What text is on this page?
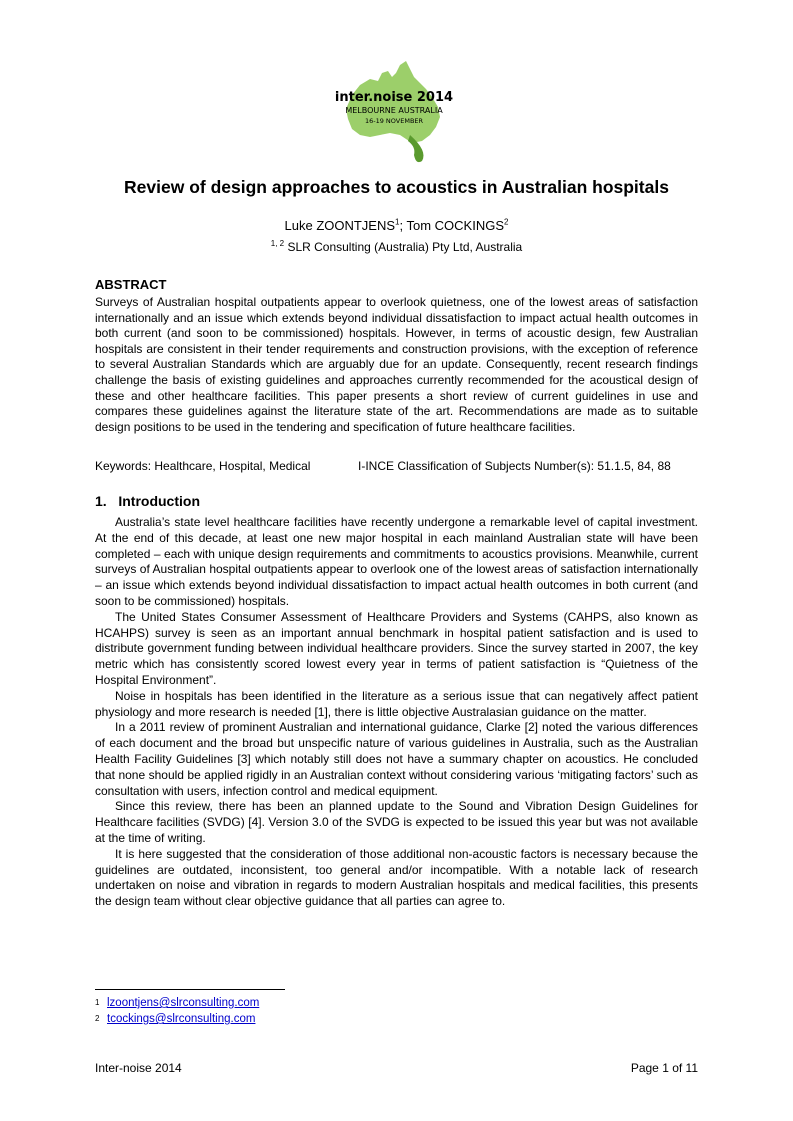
inter.noise 2014
MELBOURNE AUSTRALIA
16-19 NOVEMBER
Review of design approaches to acoustics in Australian hospitals
Luke ZOONTJENS$^1$; Tom COCKINGS$^2$
$^{1, 2}$ SLR Consulting (Australia) Pty Ltd, Australia
ABSTRACT

Surveys of Australian hospital outpatients appear to overlook quietness, one of the lowest areas of satisfaction internationally and an issue which extends beyond individual dissatisfaction to impact actual health outcomes in both current (and soon to be commissioned) hospitals. However, in terms of acoustic design, few Australian hospitals are consistent in their tender requirements and construction provisions, with the exception of reference to several Australian Standards which are arguably due for an update. Consequently, recent research findings challenge the basis of existing guidelines and approaches currently recommended for the acoustical design of these and other healthcare facilities. This paper presents a short review of current guidelines in use and compares these guidelines against the literature state of the art. Recommendations are made as to suitable design positions to be used in the tendering and specification of future healthcare facilities.

Keywords: Healthcare, Hospital, Medical	I-INCE Classification of Subjects Number(s): 51.1.5, 84, 88
1.   Introduction

Australia’s state level healthcare facilities have recently undergone a remarkable level of capital investment. At the end of this decade, at least one new major hospital in each mainland Australian state will have been completed – each with unique design requirements and commitments to acoustics provisions. Meanwhile, current surveys of Australian hospital outpatients appear to overlook one of the lowest areas of satisfaction internationally – an issue which extends beyond individual dissatisfaction to impact actual health outcomes in both current (and soon to be commissioned) hospitals.

The United States Consumer Assessment of Healthcare Providers and Systems (CAHPS, also known as HCAHPS) survey is seen as an important annual benchmark in hospital patient satisfaction and is used to distribute government funding between individual healthcare providers. Since the survey started in 2007, the key metric which has consistently scored lowest every year in terms of patient satisfaction is “Quietness of the Hospital Environment”.

Noise in hospitals has been identified in the literature as a serious issue that can negatively affect patient physiology and more research is needed [1], there is little objective Australasian guidance on the matter.

In a 2011 review of prominent Australian and international guidance, Clarke [2] noted the various differences of each document and the broad but unspecific nature of various guidelines in Australia, such as the Australian Health Facility Guidelines [3] which notably still does not have a summary chapter on acoustics. He concluded that none should be applied rigidly in an Australian context without considering various ‘mitigating factors’ such as consultation with users, infection control and medical equipment.

Since this review, there has been an planned update to the Sound and Vibration Design Guidelines for Healthcare facilities (SVDG) [4]. Version 3.0 of the SVDG is expected to be issued this year but was not available at the time of writing.

It is here suggested that the consideration of those additional non-acoustic factors is necessary because the guidelines are outdated, inconsistent, too general and/or incompatible. With a notable lack of research undertaken on noise and vibration in regards to modern Australian hospitals and medical facilities, this presents the design team without clear objective guidance that all parties can agree to.

1 lzoontjens@slrconsulting.com
2 tcockings@slrconsulting.com
Inter-noise 2014	Page 1 of 11
